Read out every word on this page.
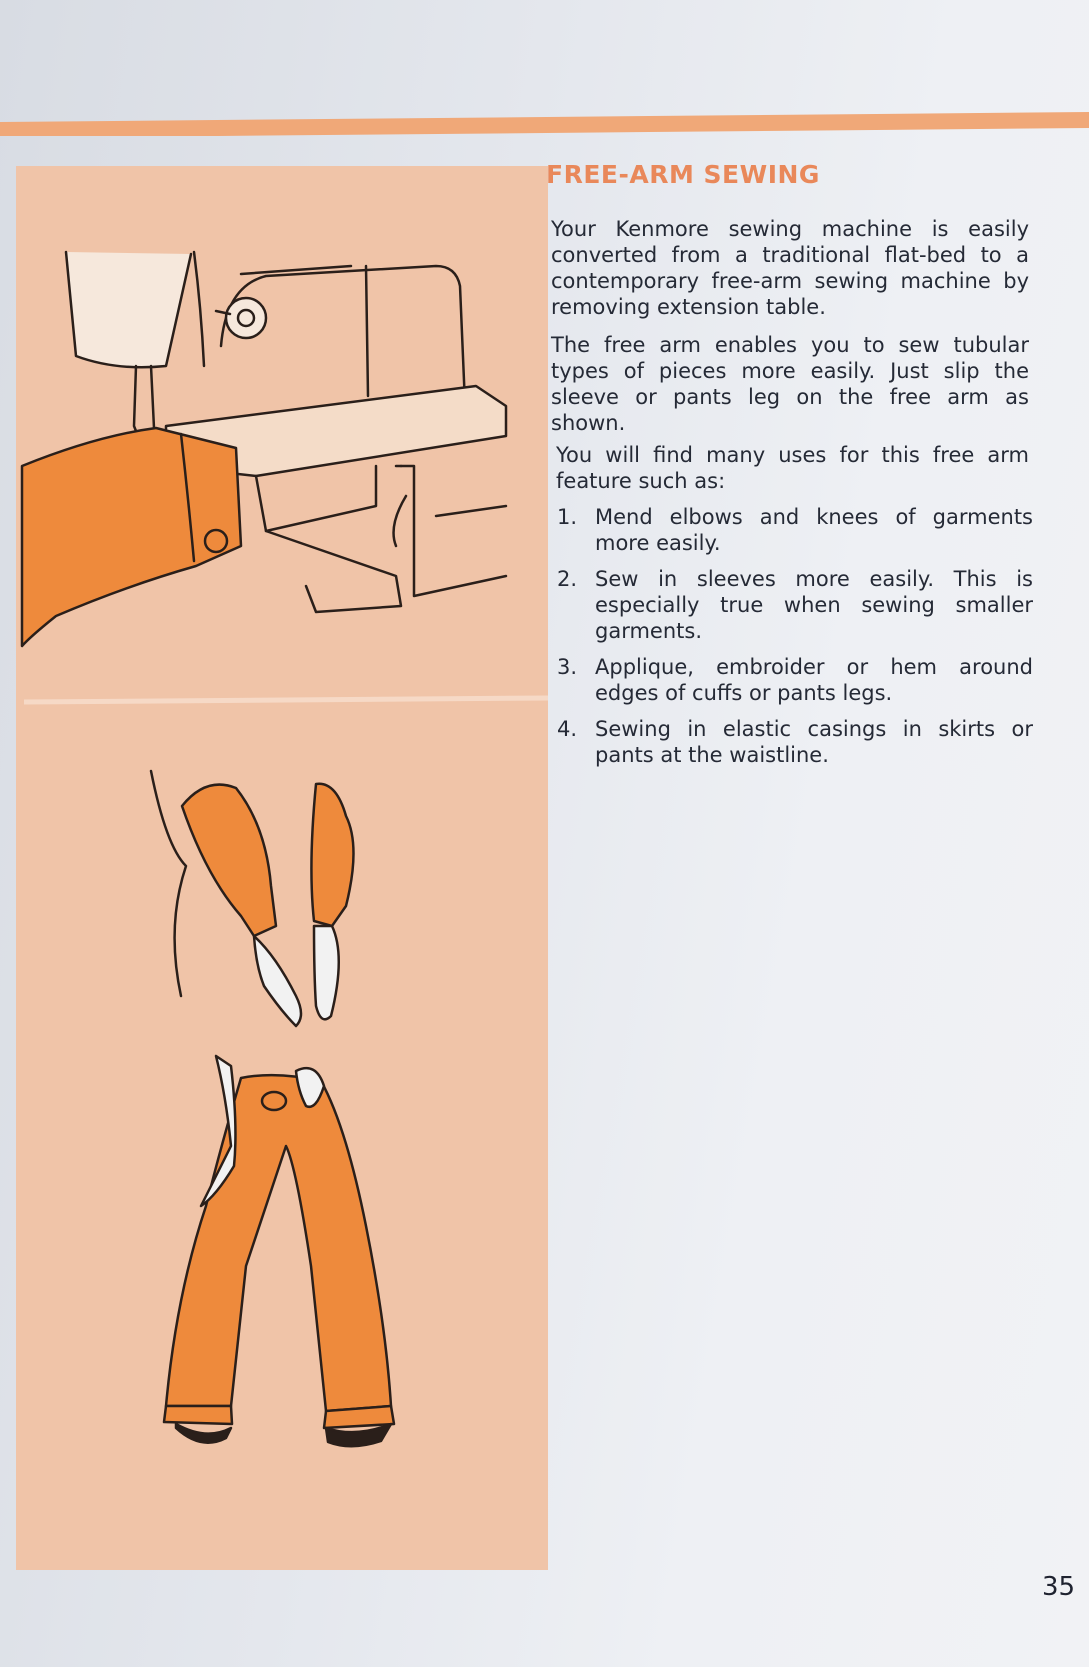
FREE-ARM SEWING

Your Kenmore sewing machine is easily converted from a traditional flat-bed to a contemporary free-arm sewing machine by removing extension table.

The free arm enables you to sew tubular types of pieces more easily. Just slip the sleeve or pants leg on the free arm as shown.

You will find many uses for this free arm feature such as:

1. Mend elbows and knees of garments more easily.
2. Sew in sleeves more easily. This is especially true when sewing smaller garments.
3. Applique, embroider or hem around edges of cuffs or pants legs.
4. Sewing in elastic casings in skirts or pants at the waistline.
35
